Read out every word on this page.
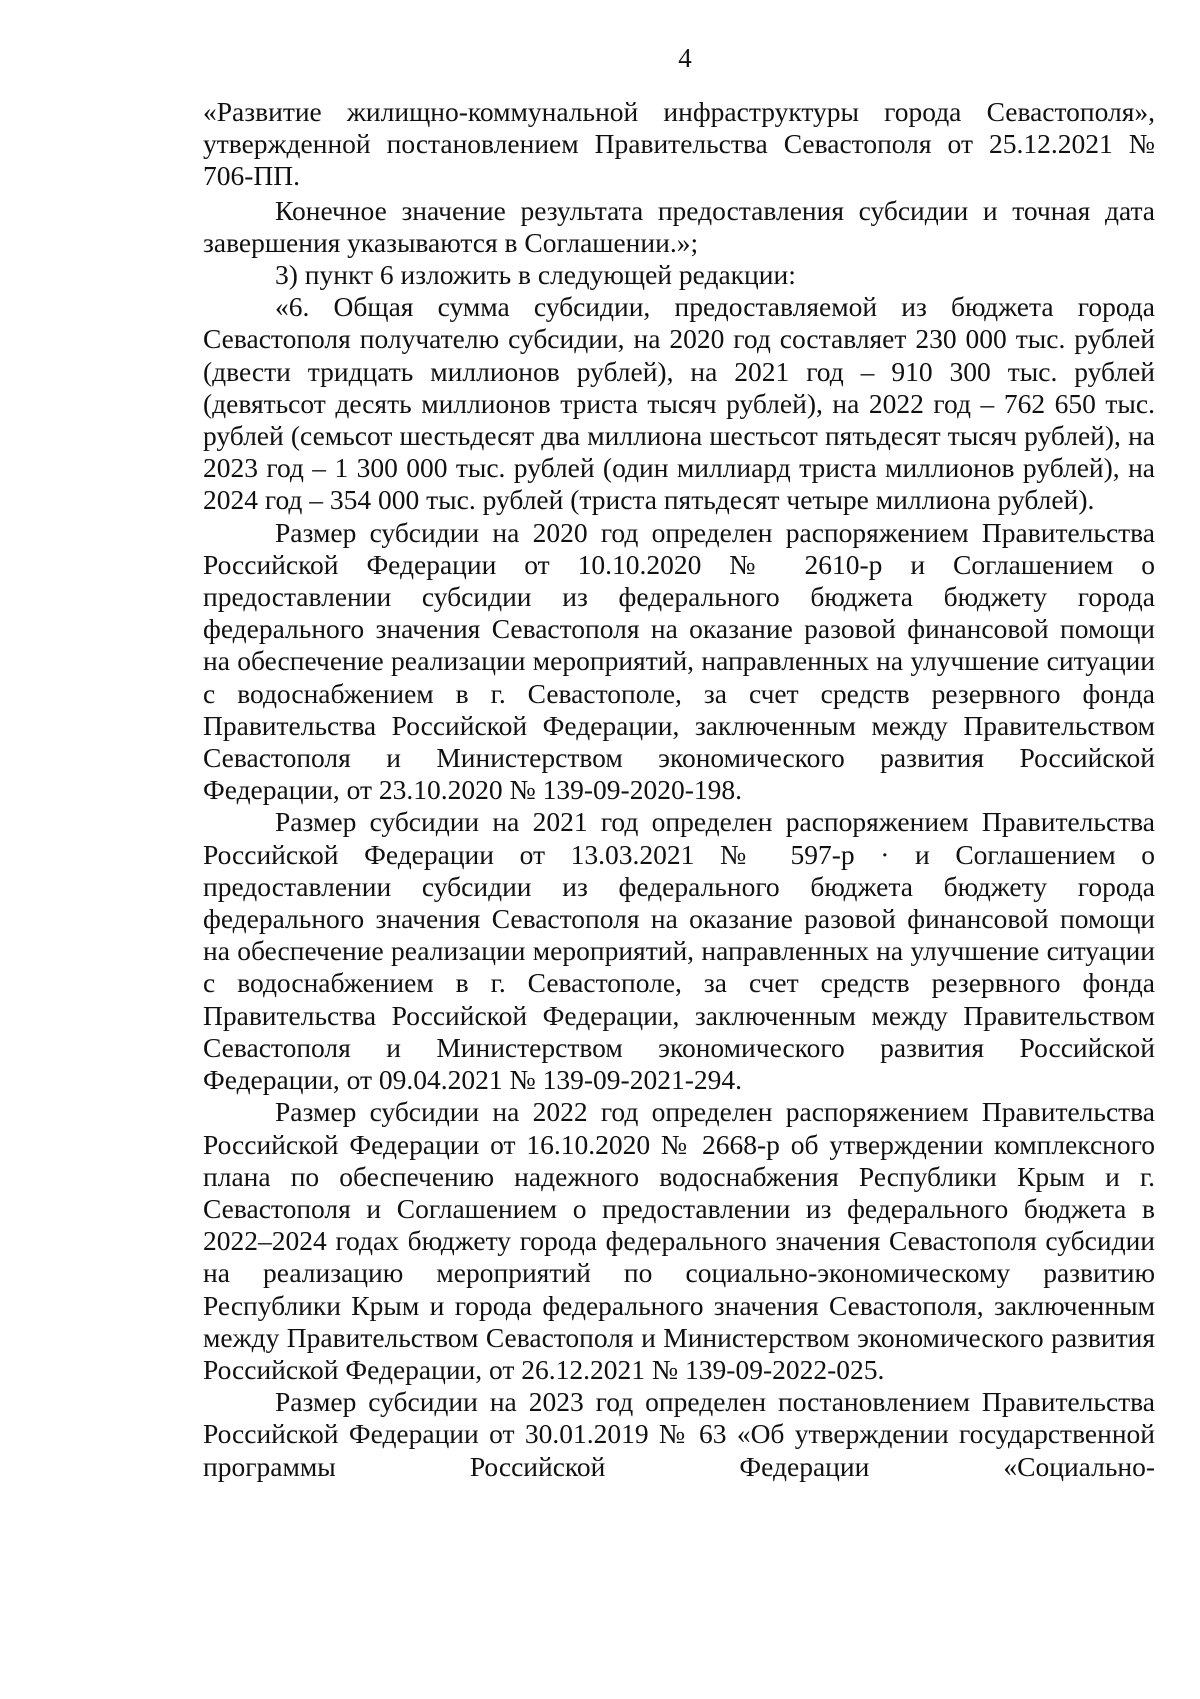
4

«Развитие жилищно-коммунальной инфраструктуры города Севастополя», утвержденной постановлением Правительства Севастополя от 25.12.2021 № 706-ПП.

Конечное значение результата предоставления субсидии и точная дата завершения указываются в Соглашении.»;

3) пункт 6 изложить в следующей редакции:

«6. Общая сумма субсидии, предоставляемой из бюджета города Севастополя получателю субсидии, на 2020 год составляет 230 000 тыс. рублей (двести тридцать миллионов рублей), на 2021 год – 910 300 тыс. рублей (девятьсот десять миллионов триста тысяч рублей), на 2022 год – 762 650 тыс. рублей (семьсот шестьдесят два миллиона шестьсот пятьдесят тысяч рублей), на 2023 год – 1 300 000 тыс. рублей (один миллиард триста миллионов рублей), на 2024 год – 354 000 тыс. рублей (триста пятьдесят четыре миллиона рублей).

Размер субсидии на 2020 год определен распоряжением Правительства Российской Федерации от 10.10.2020 № 2610-р и Соглашением о предоставлении субсидии из федерального бюджета бюджету города федерального значения Севастополя на оказание разовой финансовой помощи на обеспечение реализации мероприятий, направленных на улучшение ситуации с водоснабжением в г. Севастополе, за счет средств резервного фонда Правительства Российской Федерации, заключенным между Правительством Севастополя и Министерством экономического развития Российской Федерации, от 23.10.2020 № 139-09-2020-198.

Размер субсидии на 2021 год определен распоряжением Правительства Российской Федерации от 13.03.2021 № 597-р · и Соглашением о предоставлении субсидии из федерального бюджета бюджету города федерального значения Севастополя на оказание разовой финансовой помощи на обеспечение реализации мероприятий, направленных на улучшение ситуации с водоснабжением в г. Севастополе, за счет средств резервного фонда Правительства Российской Федерации, заключенным между Правительством Севастополя и Министерством экономического развития Российской Федерации, от 09.04.2021 № 139-09-2021-294.

Размер субсидии на 2022 год определен распоряжением Правительства Российской Федерации от 16.10.2020 № 2668-р об утверждении комплексного плана по обеспечению надежного водоснабжения Республики Крым и г. Севастополя и Соглашением о предоставлении из федерального бюджета в 2022–2024 годах бюджету города федерального значения Севастополя субсидии на реализацию мероприятий по социально-экономическому развитию Республики Крым и города федерального значения Севастополя, заключенным между Правительством Севастополя и Министерством экономического развития Российской Федерации, от 26.12.2021 № 139-09-2022-025.

Размер субсидии на 2023 год определен постановлением Правительства Российской Федерации от 30.01.2019 № 63 «Об утверждении государственной программы Российской Федерации «Социально-
